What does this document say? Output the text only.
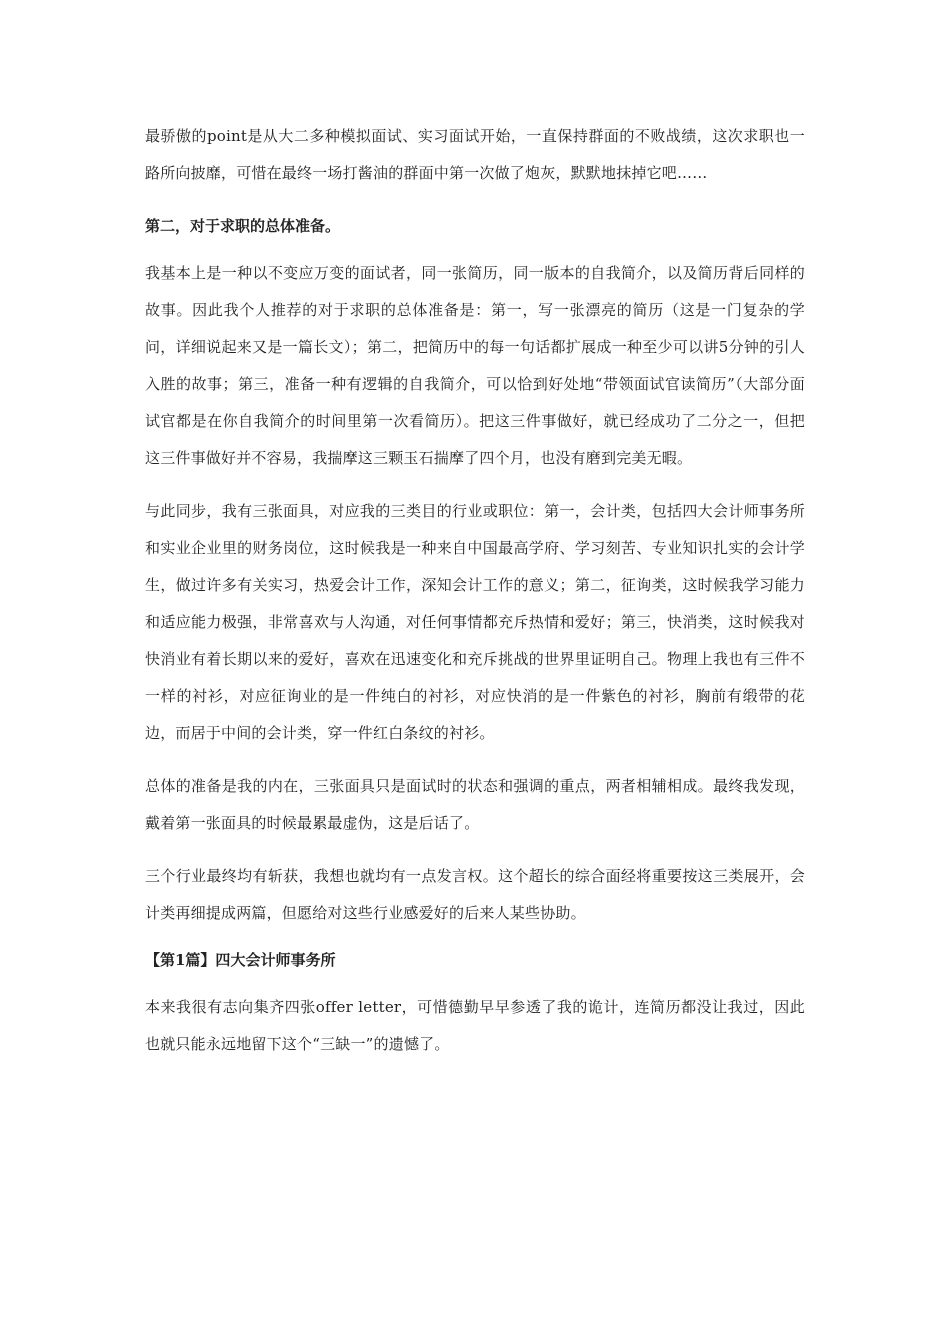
最骄傲的point是从大二多种模拟面试、实习面试开始，一直保持群面的不败战绩，这次求职也一路所向披靡，可惜在最终一场打酱油的群面中第一次做了炮灰，默默地抹掉它吧……

第二，对于求职的总体准备。

我基本上是一种以不变应万变的面试者，同一张简历，同一版本的自我简介，以及简历背后同样的故事。因此我个人推荐的对于求职的总体准备是：第一，写一张漂亮的简历（这是一门复杂的学问，详细说起来又是一篇长文）；第二，把简历中的每一句话都扩展成一种至少可以讲5分钟的引人入胜的故事；第三，准备一种有逻辑的自我简介，可以恰到好处地“带领面试官读简历”（大部分面试官都是在你自我简介的时间里第一次看简历）。把这三件事做好，就已经成功了二分之一，但把这三件事做好并不容易，我揣摩这三颗玉石揣摩了四个月，也没有磨到完美无暇。

与此同步，我有三张面具，对应我的三类目的行业或职位：第一，会计类，包括四大会计师事务所和实业企业里的财务岗位，这时候我是一种来自中国最高学府、学习刻苦、专业知识扎实的会计学生，做过许多有关实习，热爱会计工作，深知会计工作的意义；第二，征询类，这时候我学习能力和适应能力极强，非常喜欢与人沟通，对任何事情都充斥热情和爱好；第三，快消类，这时候我对快消业有着长期以来的爱好，喜欢在迅速变化和充斥挑战的世界里证明自己。物理上我也有三件不一样的衬衫，对应征询业的是一件纯白的衬衫，对应快消的是一件紫色的衬衫，胸前有缎带的花边，而居于中间的会计类，穿一件红白条纹的衬衫。

总体的准备是我的内在，三张面具只是面试时的状态和强调的重点，两者相辅相成。最终我发现，戴着第一张面具的时候最累最虚伪，这是后话了。

三个行业最终均有斩获，我想也就均有一点发言权。这个超长的综合面经将重要按这三类展开，会计类再细提成两篇，但愿给对这些行业感爱好的后来人某些协助。

【第1篇】四大会计师事务所

本来我很有志向集齐四张offer letter，可惜德勤早早参透了我的诡计，连简历都没让我过，因此也就只能永远地留下这个“三缺一”的遗憾了。
